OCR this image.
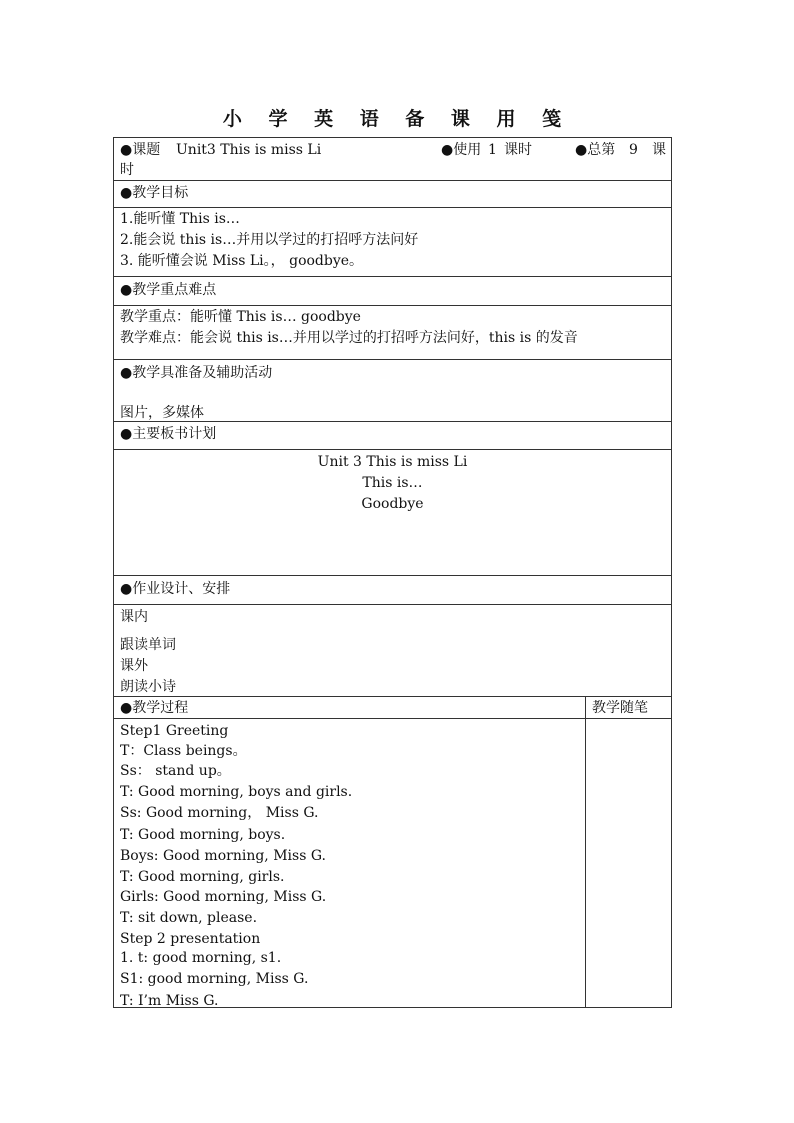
小 学 英 语 备 课 用 笺
●课题 Unit3 This is miss Li	●使用 1 课时	●总第 9 课
时
●教学目标
1.能听懂 This is…
2.能会说 this is…并用以学过的打招呼方法问好
3. 能听懂会说 Miss Li。， goodbye。
●教学重点难点
教学重点：能听懂 This is… goodbye
教学难点：能会说 this is…并用以学过的打招呼方法问好，this is 的发音
●教学具准备及辅助活动
图片，多媒体
●主要板书计划
Unit 3 This is miss Li
This is…
Goodbye
●作业设计、安排
课内
跟读单词
课外
朗读小诗
●教学过程	教学随笔
Step1 Greeting
T：Class beings。
Ss： stand up。
T: Good morning, boys and girls.
Ss: Good morning， Miss G.
T: Good morning, boys.
Boys: Good morning, Miss G.
T: Good morning, girls.
Girls: Good morning, Miss G.
T: sit down, please.
Step 2 presentation
1. t: good morning, s1.
S1: good morning, Miss G.
T: I’m Miss G.
